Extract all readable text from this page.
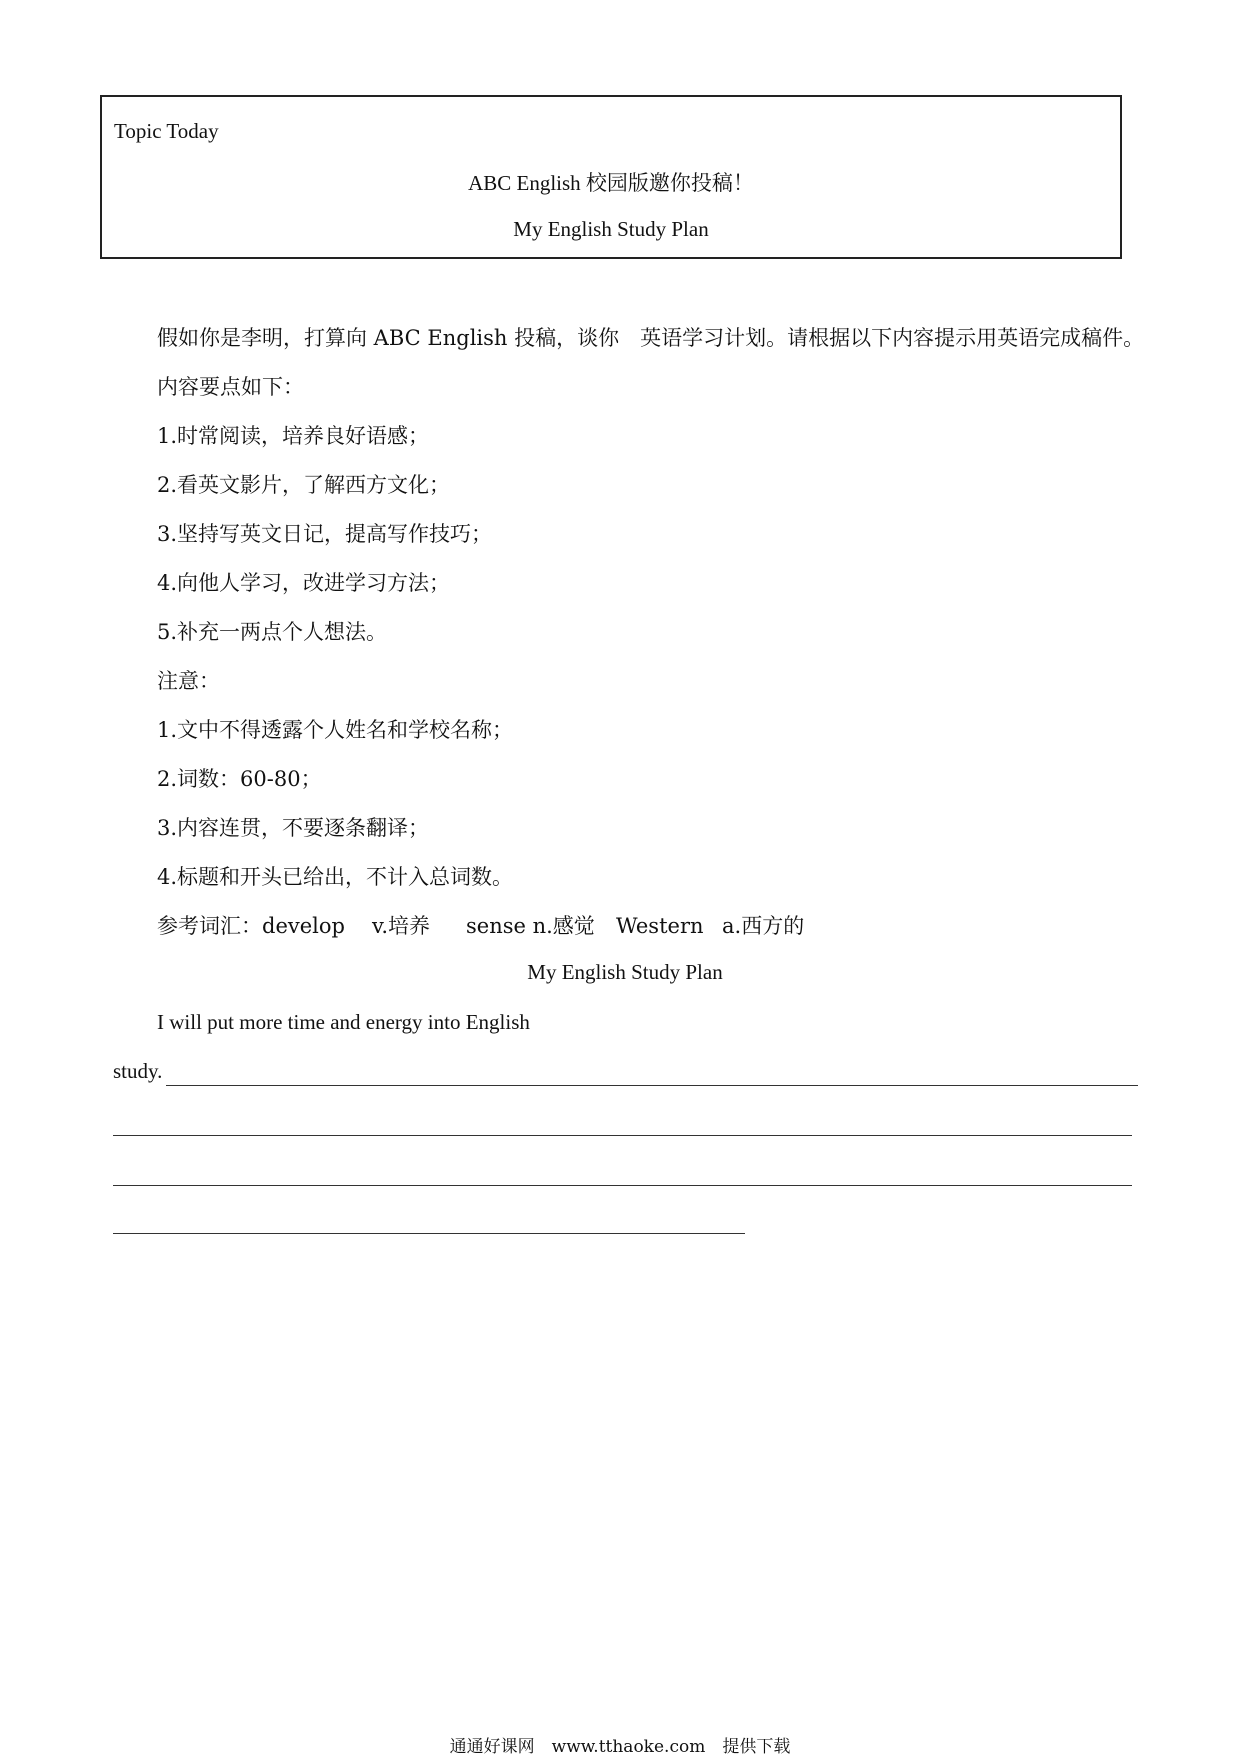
Topic Today
ABC English 校园版邀你投稿！
My English Study Plan
假如你是李明，打算向 ABC English 投稿，谈你　英语学习计划。请根据以下内容提示用英语完成稿件。
内容要点如下：
1.时常阅读，培养良好语感；
2.看英文影片，了解西方文化；
3.坚持写英文日记，提高写作技巧；
4.向他人学习，改进学习方法；
5.补充一两点个人想法。
注意：
1.文中不得透露个人姓名和学校名称；
2.词数：60-80；
3.内容连贯，不要逐条翻译；
4.标题和开头已给出，不计入总词数。
参考词汇：develop v.培养 sense n.感觉 Western a.西方的
My English Study Plan
I will put more time and energy into English
study.
通通好课网　www.tthaoke.com　提供下载
